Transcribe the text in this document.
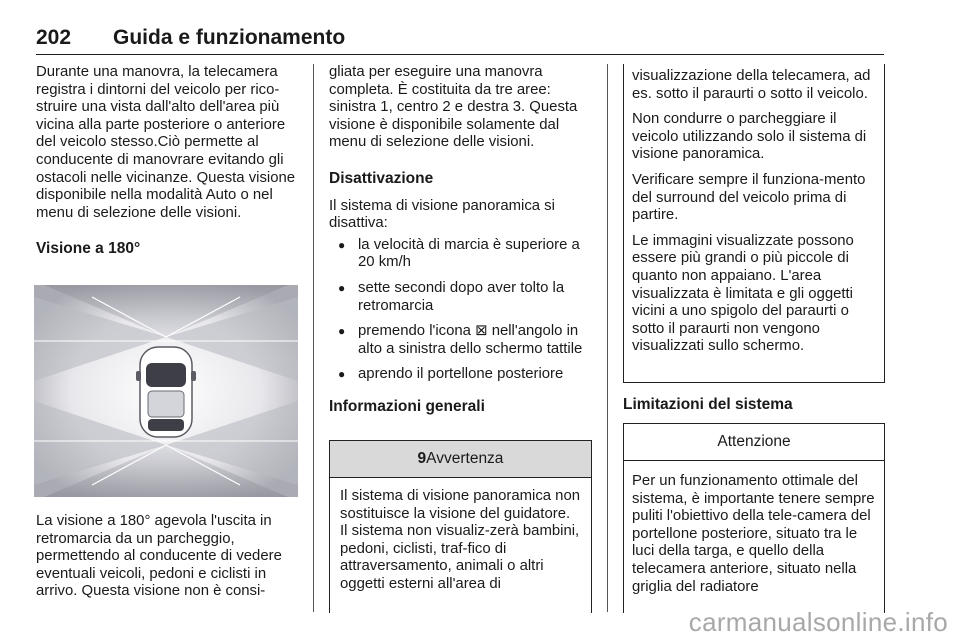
202 Guida e funzionamento

Durante una manovra, la telecamera registra i dintorni del veicolo per rico-struire una vista dall'alto dell'area più vicina alla parte posteriore o anteriore del veicolo stesso.Ciò permette al conducente di manovrare evitando gli ostacoli nelle vicinanze. Questa visione disponibile nella modalità Auto o nel menu di selezione delle visioni.

Visione a 180°

La visione a 180° agevola l'uscita in retromarcia da un parcheggio, permettendo al conducente di vedere eventuali veicoli, pedoni e ciclisti in arrivo. Questa visione non è consi-

gliata per eseguire una manovra completa. È costituita da tre aree: sinistra 1, centro 2 e destra 3. Questa visione è disponibile solamente dal menu di selezione delle visioni.

Disattivazione

Il sistema di visione panoramica si disattiva:

● la velocità di marcia è superiore a 20 km/h
● sette secondi dopo aver tolto la retromarcia
● premendo l'icona ⊠ nell'angolo in alto a sinistra dello schermo tattile
● aprendo il portellone posteriore
Informazioni generali
9 Avvertenza
Il sistema di visione panoramica non sostituisce la visione del guidatore. Il sistema non visualiz-zerà bambini, pedoni, ciclisti, traf-fico di attraversamento, animali o altri oggetti esterni all'area di

visualizzazione della telecamera, ad es. sotto il paraurti o sotto il veicolo.

Non condurre o parcheggiare il veicolo utilizzando solo il sistema di visione panoramica.

Verificare sempre il funziona-mento del surround del veicolo prima di partire.

Le immagini visualizzate possono essere più grandi o più piccole di quanto non appaiano. L'area visualizzata è limitata e gli oggetti vicini a uno spigolo del paraurti o sotto il paraurti non vengono visualizzati sullo schermo.

Limitazioni del sistema
Attenzione
Per un funzionamento ottimale del sistema, è importante tenere sempre puliti l'obiettivo della tele-camera del portellone posteriore, situato tra le luci della targa, e quello della telecamera anteriore, situato nella griglia del radiatore
carmanualsonline.info
